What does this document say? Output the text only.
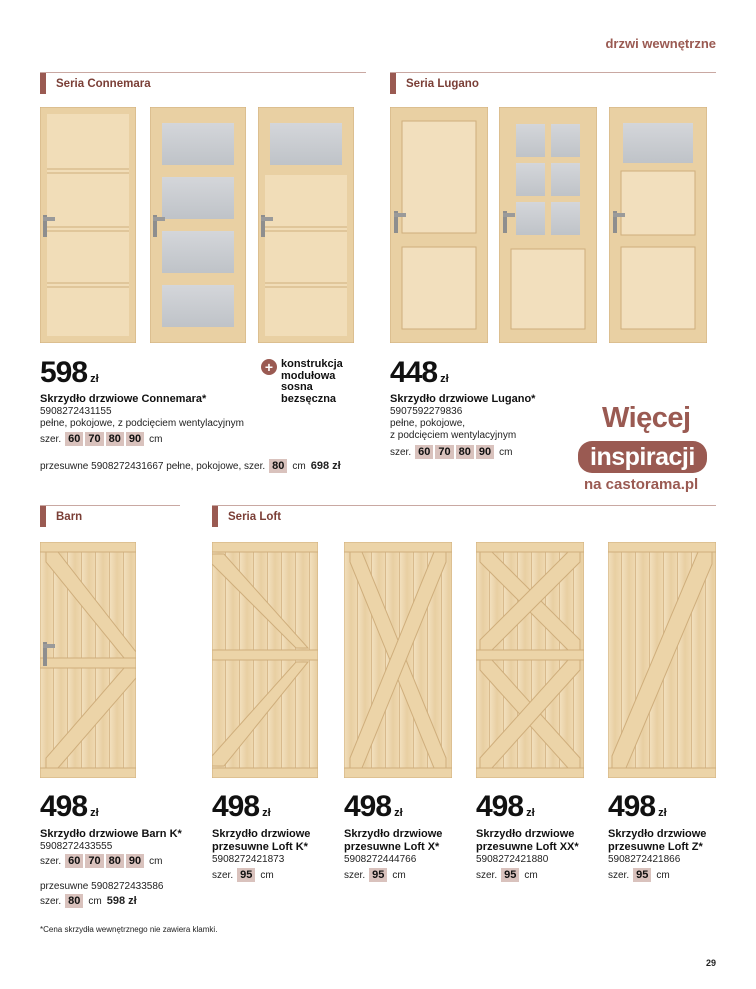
drzwi wewnętrzne
Seria Connemara	Seria Lugano
Barn	Seria Loft
598 zł
Skrzydło drzwiowe Connemara*
5908272431155
pełne, pokojowe, z podcięciem wentylacyjnym
szer. 60 70 80 90 cm
przesuwne 5908272431667 pełne, pokojowe, szer. 80 cm 698 zł
+ konstrukcja
modułowa
sosna
bezsęczna
448 zł
Skrzydło drzwiowe Lugano*
5907592279836
pełne, pokojowe,
z podcięciem wentylacyjnym
szer. 60 70 80 90 cm
Więcej
inspiracji
na castorama.pl
498 zł
Skrzydło drzwiowe Barn K*
5908272433555
szer. 60 70 80 90 cm
przesuwne 5908272433586
szer. 80 cm 598 zł
498 zł
Skrzydło drzwiowe
przesuwne Loft K*
5908272421873
szer. 95 cm
498 zł
Skrzydło drzwiowe
przesuwne Loft X*
5908272444766
szer. 95 cm
498 zł
Skrzydło drzwiowe
przesuwne Loft XX*
5908272421880
szer. 95 cm
498 zł
Skrzydło drzwiowe
przesuwne Loft Z*
5908272421866
szer. 95 cm
*Cena skrzydła wewnętrznego nie zawiera klamki.
29
